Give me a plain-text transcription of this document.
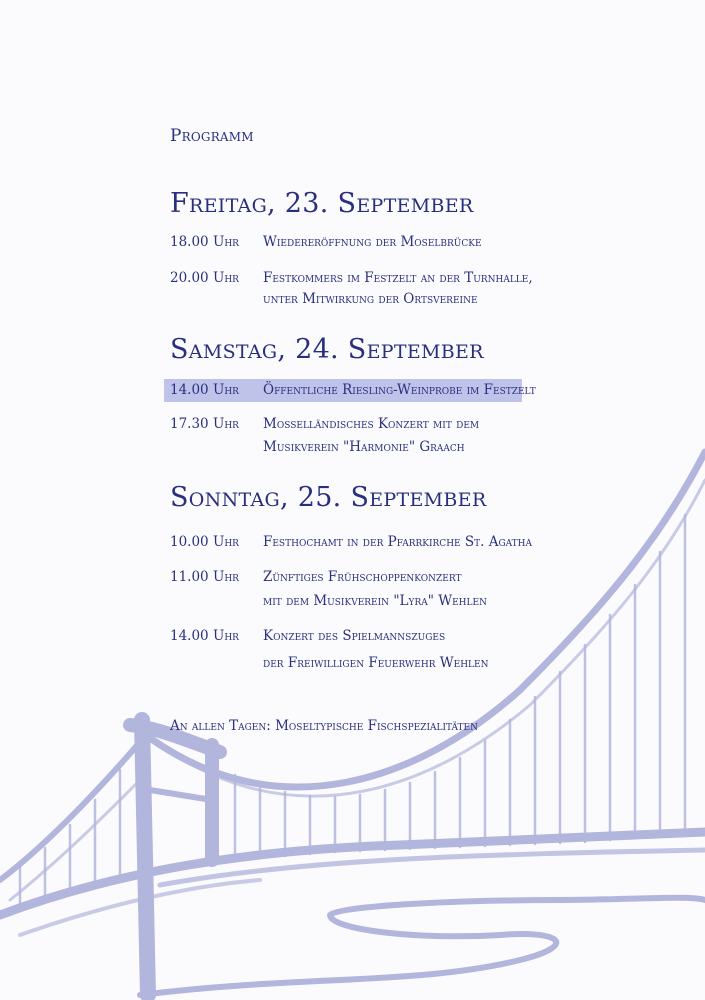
Programm
Freitag, 23. September
18.00 Uhr	Wiedereröffnung der Moselbrücke
20.00 Uhr	Festkommers im Festzelt an der Turnhalle,
unter Mitwirkung der Ortsvereine
Samstag, 24. September
14.00 Uhr	Öffentliche Riesling-Weinprobe im Festzelt
17.30 Uhr	Mosselländisches Konzert mit dem
Musikverein "Harmonie" Graach
Sonntag, 25. September
10.00 Uhr	Festhochamt in der Pfarrkirche St. Agatha
11.00 Uhr	Zünftiges Frühschoppenkonzert
mit dem Musikverein "Lyra" Wehlen
14.00 Uhr	Konzert des Spielmannszuges
der Freiwilligen Feuerwehr Wehlen
An allen Tagen: Moseltypische Fischspezialitäten
